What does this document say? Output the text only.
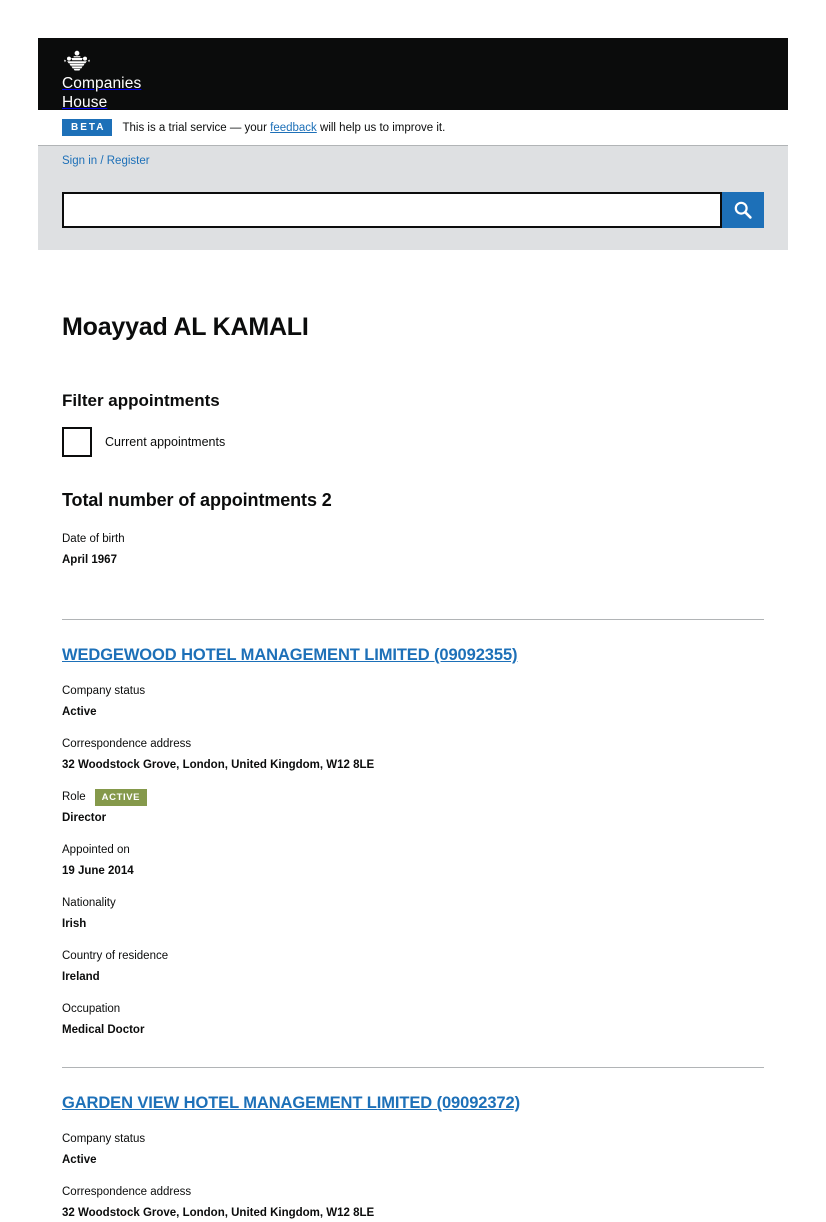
Companies
House
BETA	This is a trial service — your feedback will help us to improve it.
Sign in / Register
Moayyad AL KAMALI
Filter appointments
Current appointments
Total number of appointments 2
Date of birth
April 1967
WEDGEWOOD HOTEL MANAGEMENT LIMITED (09092355)
Company status
Active
Correspondence address
32 Woodstock Grove, London, United Kingdom, W12 8LE
Role	ACTIVE
Director
Appointed on
19 June 2014
Nationality
Irish
Country of residence
Ireland
Occupation
Medical Doctor
GARDEN VIEW HOTEL MANAGEMENT LIMITED (09092372)
Company status
Active
Correspondence address
32 Woodstock Grove, London, United Kingdom, W12 8LE
